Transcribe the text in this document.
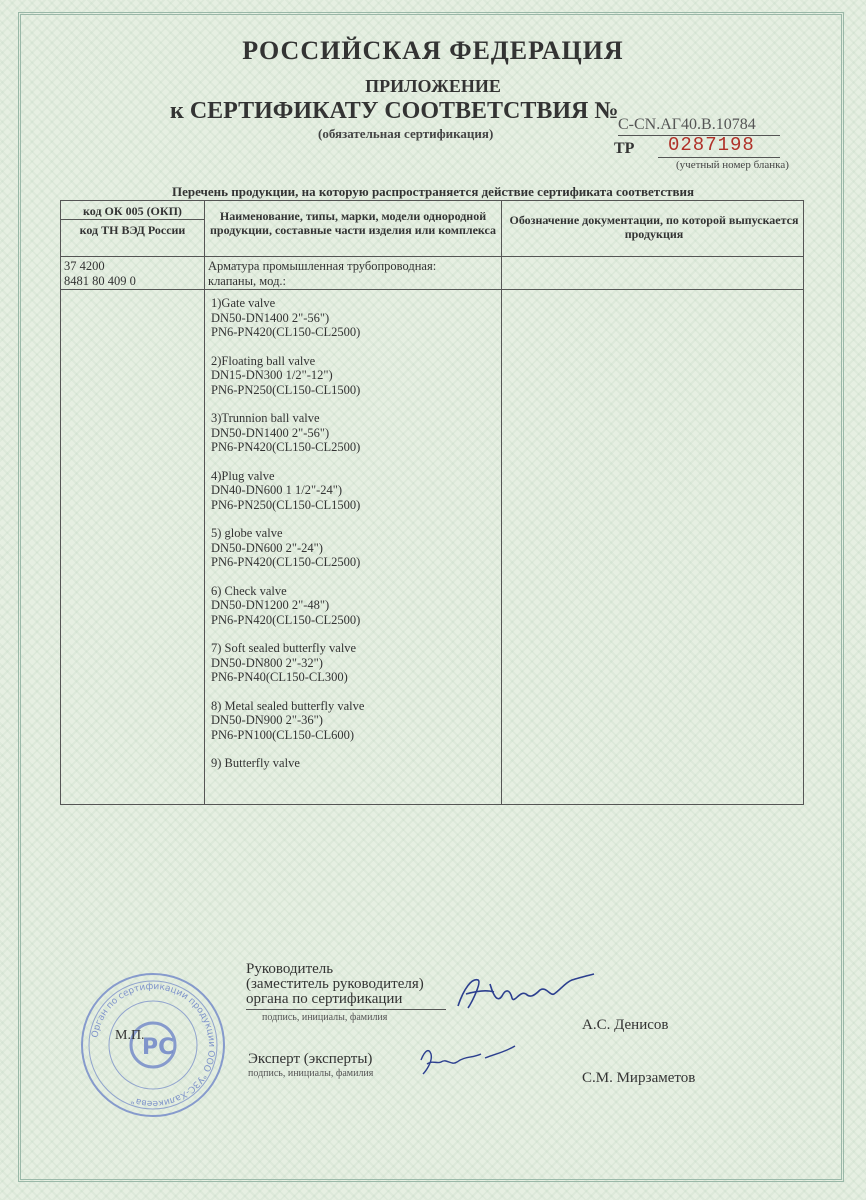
РОССИЙСКАЯ ФЕДЕРАЦИЯ
ПРИЛОЖЕНИЕ
к СЕРТИФИКАТУ СООТВЕТСТВИЯ №
С-CN.АГ40.В.10784
(обязательная сертификация)
ТР 0287198
(учетный номер бланка)
Перечень продукции, на которую распространяется действие сертификата соответствия
код ОК 005 (ОКП)
код ТН ВЭД России
Наименование, типы, марки, модели однородной продукции, составные части изделия или комплекса
Обозначение документации, по которой выпускается продукция
37 4200
8481 80 409 0
Арматура промышленная трубопроводная:
клапаны, мод.:
1)Gate valve
DN50-DN1400 2"-56")
PN6-PN420(CL150-CL2500)
2)Floating ball valve
DN15-DN300 1/2"-12")
PN6-PN250(CL150-CL1500)
3)Trunnion ball valve
DN50-DN1400 2"-56")
PN6-PN420(CL150-CL2500)
4)Plug valve
DN40-DN600 1 1/2"-24")
PN6-PN250(CL150-CL1500)
5) globe valve
DN50-DN600 2"-24")
PN6-PN420(CL150-CL2500)
6) Check valve
DN50-DN1200 2"-48")
PN6-PN420(CL150-CL2500)
7) Soft sealed butterfly valve
DN50-DN800 2"-32")
PN6-PN40(CL150-CL300)
8) Metal sealed butterfly valve
DN50-DN900 2"-36")
PN6-PN100(CL150-CL600)
9) Butterfly valve
Орган по сертификации продукции ООО "УЗС-Халикеева"
РС
М.П.
Руководитель
(заместитель руководителя)
органа по сертификации
подпись, инициалы, фамилия	А.С. Денисов
Эксперт (эксперты)
подпись, инициалы, фамилия	С.М. Мирзаметов
